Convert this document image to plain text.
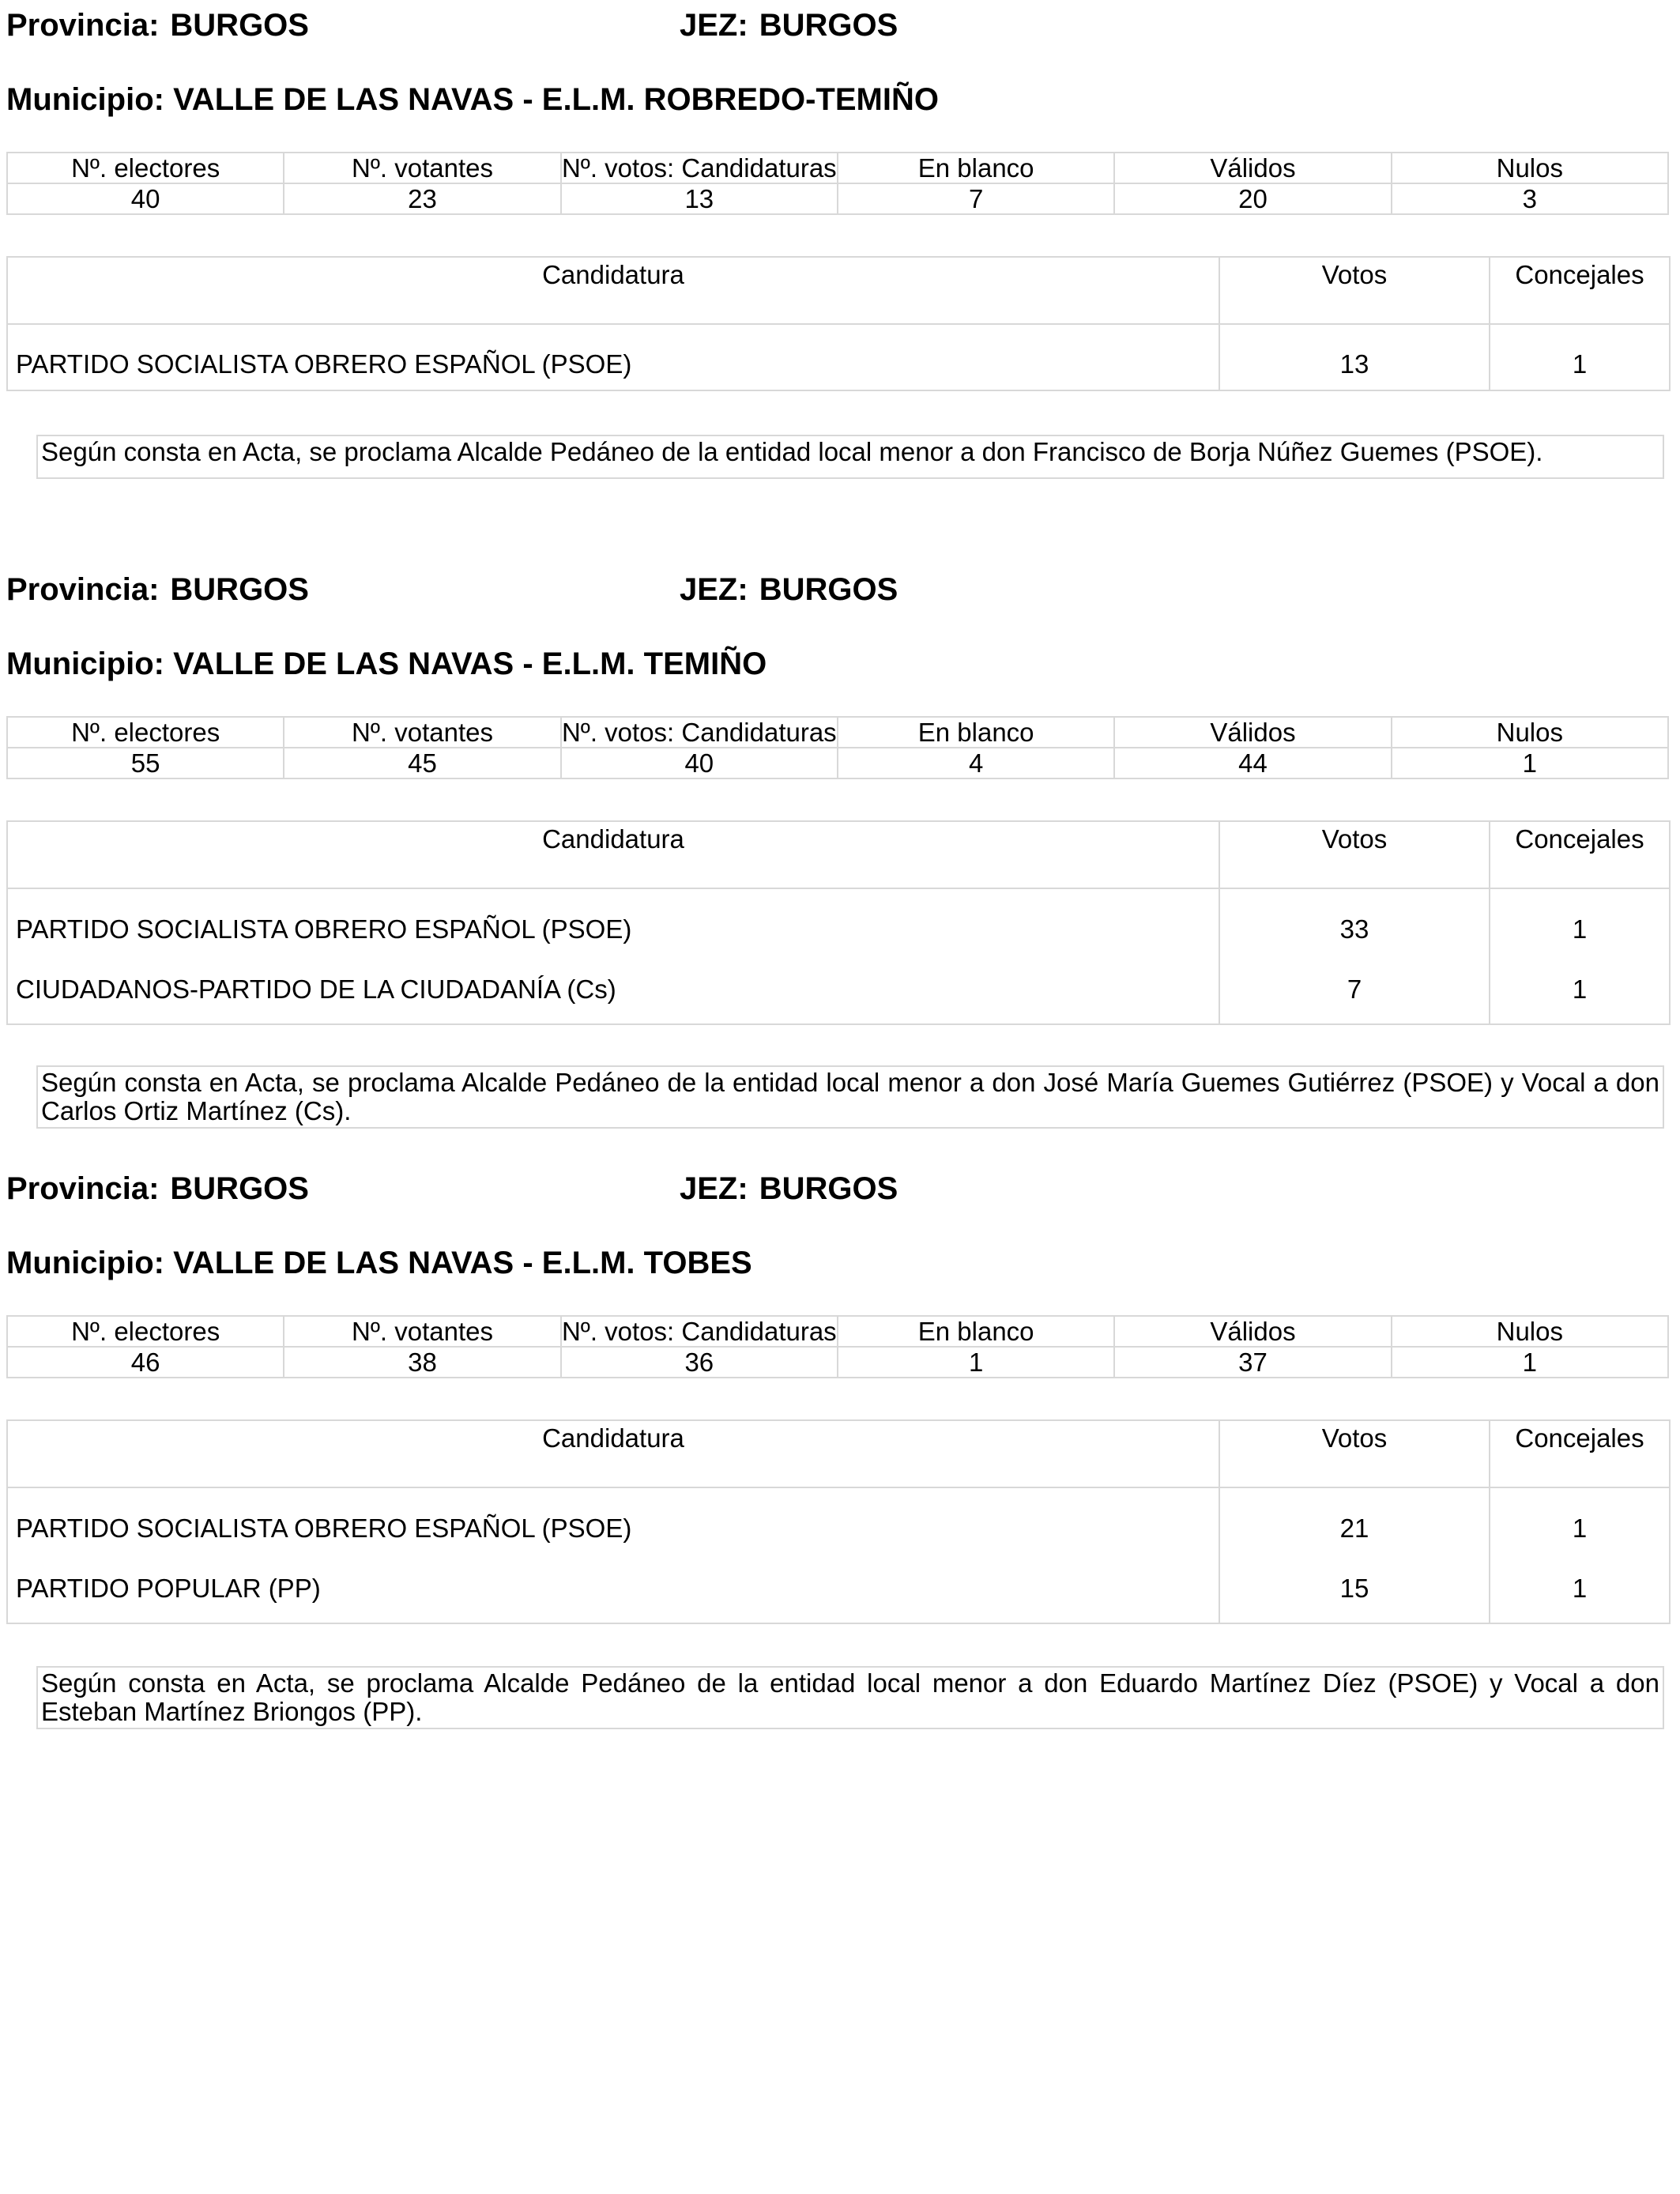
Provincia: BURGOS	JEZ: BURGOS
Municipio: VALLE DE LAS NAVAS - E.L.M. ROBREDO-TEMIÑO
Nº. electores	Nº. votantes	Nº. votos: Candidaturas	En blanco	Válidos	Nulos
40	23	13	7	20	3
Candidatura	Votos	Concejales
PARTIDO SOCIALISTA OBRERO ESPAÑOL (PSOE)	13	1
Según consta en Acta, se proclama Alcalde Pedáneo de la entidad local menor a don Francisco de Borja Núñez Guemes (PSOE).
Provincia: BURGOS	JEZ: BURGOS
Municipio: VALLE DE LAS NAVAS - E.L.M. TEMIÑO
Nº. electores	Nº. votantes	Nº. votos: Candidaturas	En blanco	Válidos	Nulos
55	45	40	4	44	1
Candidatura	Votos	Concejales
PARTIDO SOCIALISTA OBRERO ESPAÑOL (PSOE)	33	1
CIUDADANOS-PARTIDO DE LA CIUDADANÍA (Cs)	7	1
Según consta en Acta, se proclama Alcalde Pedáneo de la entidad local menor a don José María Guemes Gutiérrez (PSOE) y Vocal a don Carlos Ortiz Martínez (Cs).
Provincia: BURGOS	JEZ: BURGOS
Municipio: VALLE DE LAS NAVAS - E.L.M. TOBES
Nº. electores	Nº. votantes	Nº. votos: Candidaturas	En blanco	Válidos	Nulos
46	38	36	1	37	1
Candidatura	Votos	Concejales
PARTIDO SOCIALISTA OBRERO ESPAÑOL (PSOE)	21	1
PARTIDO POPULAR (PP)	15	1
Según consta en Acta, se proclama Alcalde Pedáneo de la entidad local menor a don Eduardo Martínez Díez (PSOE) y Vocal a don Esteban Martínez Briongos (PP).
